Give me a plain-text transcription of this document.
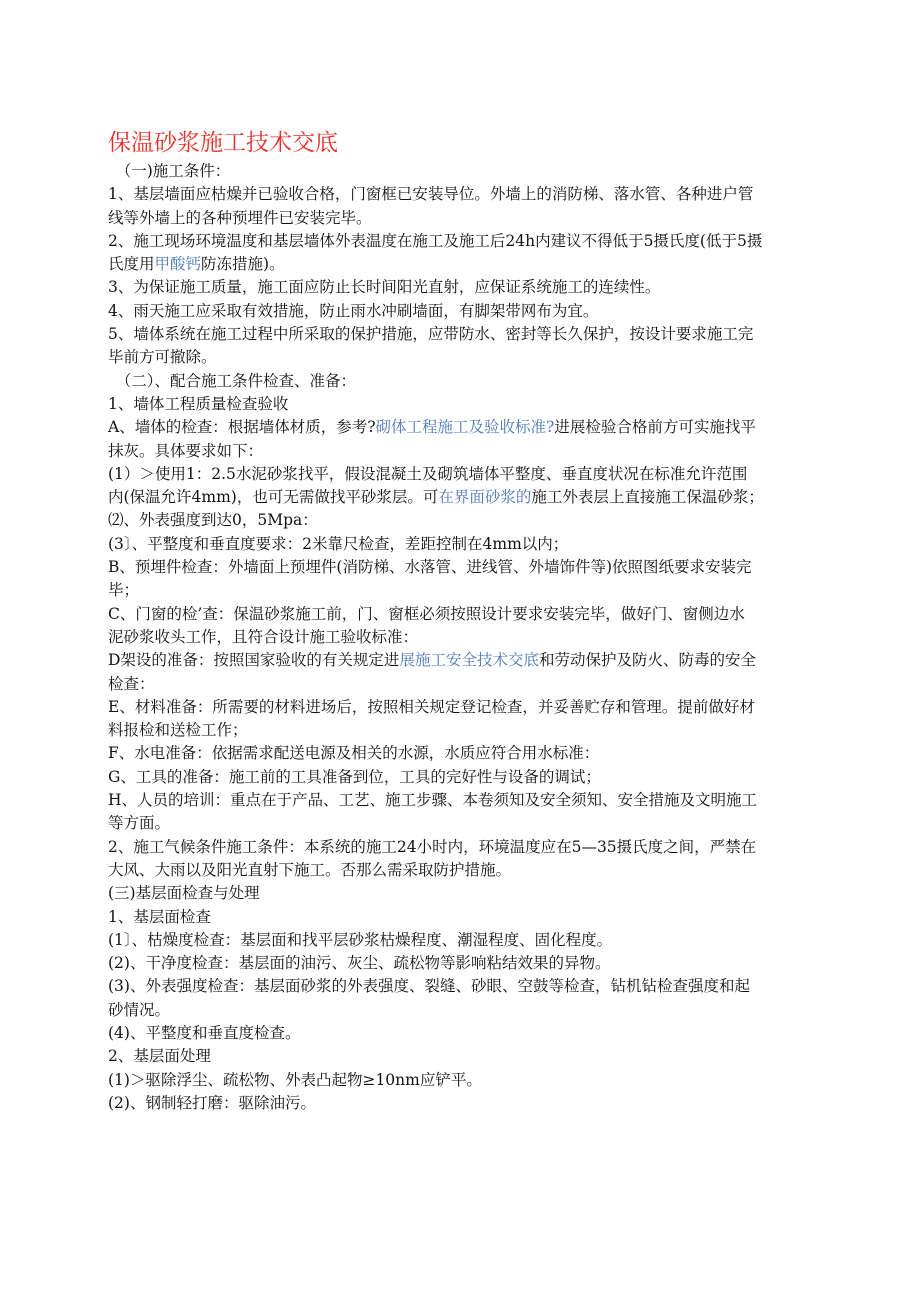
保温砂浆施工技术交底
　（一)施工条件：
1、基层墙面应枯燥并已验收合格，门窗框已安装导位。外墙上的消防梯、落水管、各种进户管
线等外墙上的各种预埋件已安装完毕。
2、施工现场环境温度和基层墙体外表温度在施工及施工后24h内建议不得低于5摄氏度(低于5摄
氏度用甲酸钙防冻措施)。
3、为保证施工质量，施工面应防止长时间阳光直射，应保证系统施工的连续性。
4、雨天施工应采取有效措施，防止雨水冲刷墙面，有脚架带网布为宜。
5、墙体系统在施工过程中所采取的保护措施，应带防水、密封等长久保护，按设计要求施工完
毕前方可撤除。
　（二）、配合施工条件检查、准备：
1、墙体工程质量检查验收
A、墙体的检查：根据墙体材质，参考?砌体工程施工及验收标准?进展检验合格前方可实施找平
抹灰。具体要求如下：
(1）＞使用1：2.5水泥砂浆找平，假设混凝土及砌筑墙体平整度、垂直度状况在标准允许范围
内(保温允许4mm)，也可无需做找平砂浆层。可在界面砂浆的施工外表层上直接施工保温砂浆；
⑵、外表强度到达0，5Mpa：
(3〕、平整度和垂直度要求：2米靠尺检查，差距控制在4mm以内；
B、预埋件检查：外墙面上预埋件(消防梯、水落管、进线管、外墙饰件等)依照图纸要求安装完
毕；
C、门窗的检’查：保温砂浆施工前，门、窗框必须按照设计要求安装完毕，做好门、窗侧边水
泥砂浆收头工作，且符合设计施工验收标准：
D架设的准备：按照国家验收的有关规定进展施工安全技术交底和劳动保护及防火、防毒的安全
检查：
E、材料准备：所需要的材料进场后，按照相关规定登记检查，并妥善贮存和管理。提前做好材
料报检和送检工作；
F、水电准备：依据需求配送电源及相关的水源，水质应符合用水标准：
G、工具的准备：施工前的工具准备到位，工具的完好性与设备的调试；
H、人员的培训：重点在于产品、工艺、施工步骤、本卷须知及安全须知、安全措施及文明施工
等方面。
2、施工气候条件施工条件：本系统的施工24小时内，环境温度应在5—35摄氏度之间，严禁在
大风、大雨以及阳光直射下施工。否那么需采取防护措施。
(三)基层面检查与处理
1、基层面检查
(1〕、枯燥度检查：基层面和找平层砂浆枯燥程度、潮湿程度、固化程度。
(2)、干净度检查：基层面的油污、灰尘、疏松物等影响粘结效果的异物。
(3)、外表强度检查：基层面砂浆的外表强度、裂缝、砂眼、空鼓等检查，钻机钻检查强度和起
砂情况。
(4)、平整度和垂直度检查。
2、基层面处理
(1)＞驱除浮尘、疏松物、外表凸起物≥10nm应铲平。
(2)、钢制轻打磨：驱除油污。
